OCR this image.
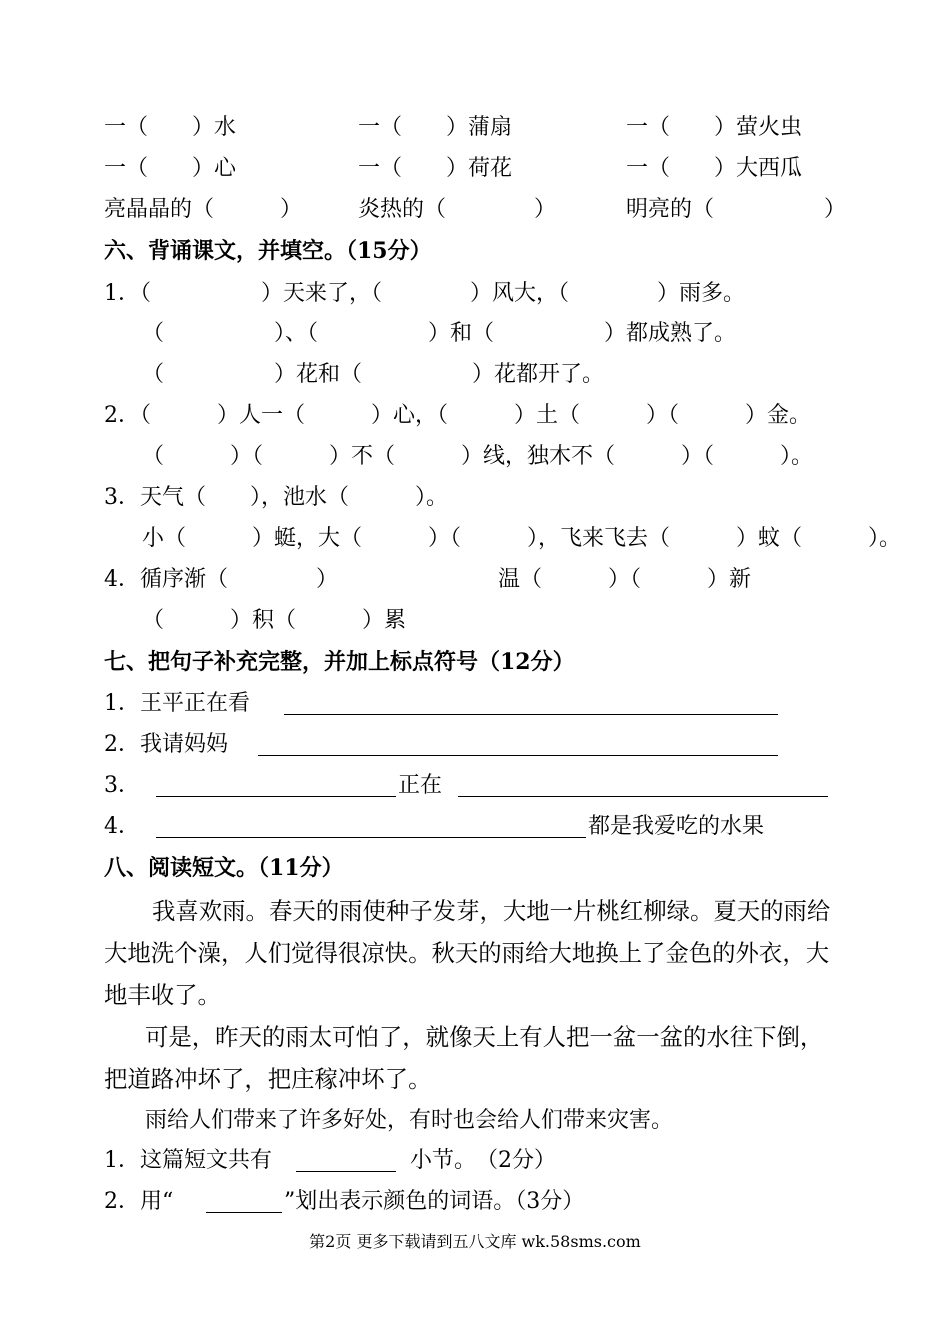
一（　　）水	一（　　）蒲扇	一（　　）萤火虫
一（　　）心	一（　　）荷花	一（　　）大西瓜
亮晶晶的（　　　）	炎热的（　　　　）	明亮的（　　　　　）
六、背诵课文，并填空。（15分）
1．（　　　　　）天来了，（　　　　）风大，（　　　　）雨多。
（　　　　　）、（　　　　　）和（　　　　　）都成熟了。
（　　　　　）花和（　　　　　）花都开了。
2．（　　　）人一（　　　）心，（　　　）土（　　　）（　　　）金。
（　　　）（　　　）不（　　　）线，独木不（　　　）（　　　）。
3．天气（　　），池水（　　　）。
小（　　　）蜓，大（　　　）（　　　），飞来飞去（　　　）蚊（　　　）。
4．循序渐（　　　　）	温（　　　）（　　　）新
（　　　）积（　　　）累
七、把句子补充完整，并加上标点符号（12分）
1．王平正在看
2．我请妈妈
3．	正在
4．	都是我爱吃的水果
八、阅读短文。（11分）
我喜欢雨。春天的雨使种子发芽，大地一片桃红柳绿。夏天的雨给
大地洗个澡，人们觉得很凉快。秋天的雨给大地换上了金色的外衣，大
地丰收了。
可是，昨天的雨太可怕了，就像天上有人把一盆一盆的水往下倒，
把道路冲坏了，把庄稼冲坏了。
雨给人们带来了许多好处，有时也会给人们带来灾害。
1．这篇短文共有	小节。　（2分）
2．用“	”划出表示颜色的词语。（3分）
第2页 更多下载请到五八文库 wk.58sms.com
